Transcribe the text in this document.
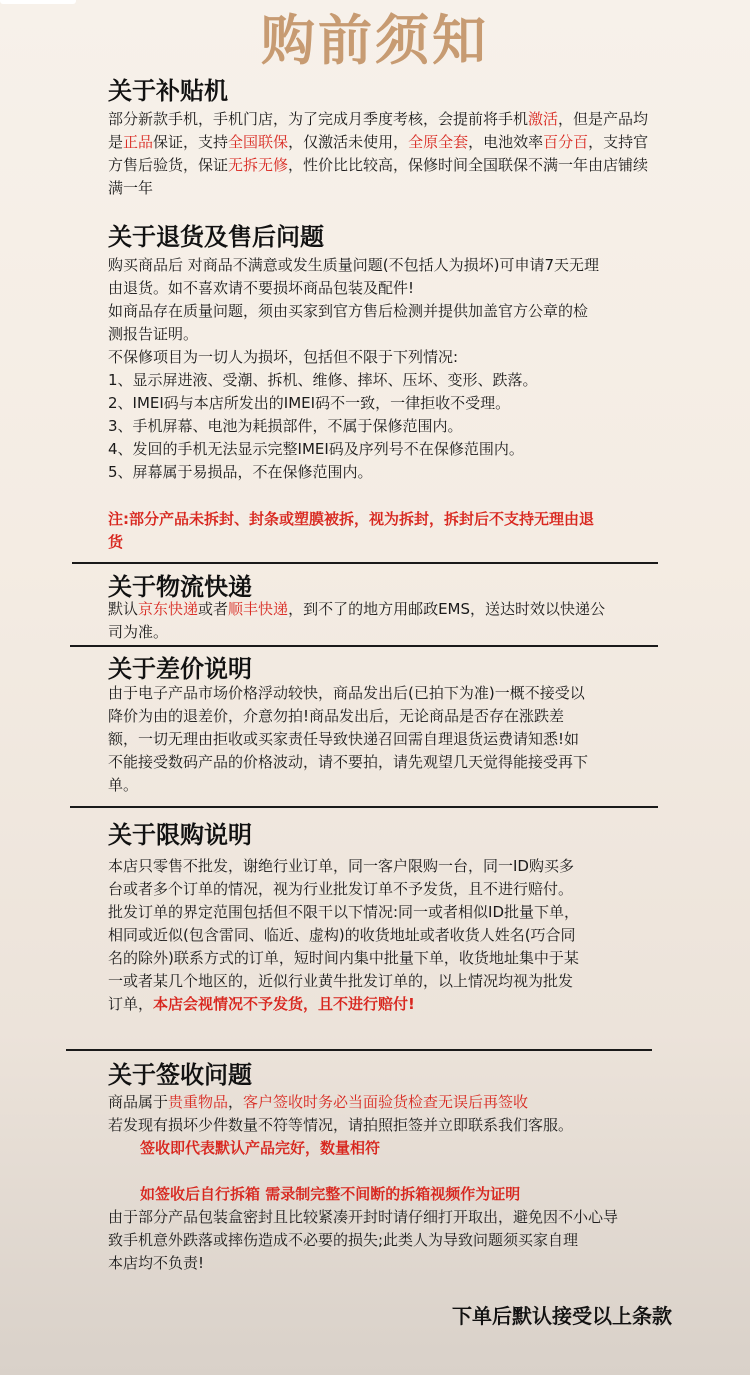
购前须知
关于补贴机
部分新款手机，手机门店，为了完成月季度考核，会提前将手机激活，但是产品均
是正品保证，支持全国联保，仅激活未使用，全原全套，电池效率百分百，支持官
方售后验货，保证无拆无修，性价比比较高，保修时间全国联保不满一年由店铺续
满一年
关于退货及售后问题
购买商品后 对商品不满意或发生质量问题(不包括人为损坏)可申请7天无理
由退货。如不喜欢请不要损坏商品包装及配件!
如商品存在质量问题，须由买家到官方售后检测并提供加盖官方公章的检
测报告证明。
不保修项目为一切人为损坏，包括但不限于下列情况:
1、显示屏进液、受潮、拆机、维修、摔坏、压坏、变形、跌落。
2、IMEI码与本店所发出的IMEI码不一致，一律拒收不受理。
3、手机屏幕、电池为耗损部件，不属于保修范围内。
4、发回的手机无法显示完整IMEI码及序列号不在保修范围内。
5、屏幕属于易损品，不在保修范围内。
注:部分产品未拆封、封条或塑膜被拆，视为拆封，拆封后不支持无理由退
货
关于物流快递
默认京东快递或者顺丰快递，到不了的地方用邮政EMS，送达时效以快递公
司为准。
关于差价说明
由于电子产品市场价格浮动较快，商品发出后(已拍下为准)一概不接受以
降价为由的退差价，介意勿拍!商品发出后，无论商品是否存在涨跌差
额，一切无理由拒收或买家责任导致快递召回需自理退货运费请知悉!如
不能接受数码产品的价格波动，请不要拍，请先观望几天觉得能接受再下
单。
关于限购说明
本店只零售不批发，谢绝行业订单，同一客户限购一台，同一ID购买多
台或者多个订单的情况，视为行业批发订单不予发货，且不进行赔付。
批发订单的界定范围包括但不限干以下情况:同一或者相似ID批量下单，
相同或近似(包含雷同、临近、虚构)的收货地址或者收货人姓名(巧合同
名的除外)联系方式的订单，短时间内集中批量下单，收货地址集中于某
一或者某几个地区的，近似行业黄牛批发订单的，以上情况均视为批发
订单，本店会视情况不予发货，且不进行赔付!
关于签收问题
商品属于贵重物品，客户签收时务必当面验货检查无误后再签收
若发现有损坏少件数量不符等情况，请拍照拒签并立即联系我们客服。
签收即代表默认产品完好，数量相符
如签收后自行拆箱 需录制完整不间断的拆箱视频作为证明
由于部分产品包装盒密封且比较紧凑开封时请仔细打开取出，避免因不小心导
致手机意外跌落或摔伤造成不必要的损失;此类人为导致问题须买家自理
本店均不负责!
下单后默认接受以上条款
